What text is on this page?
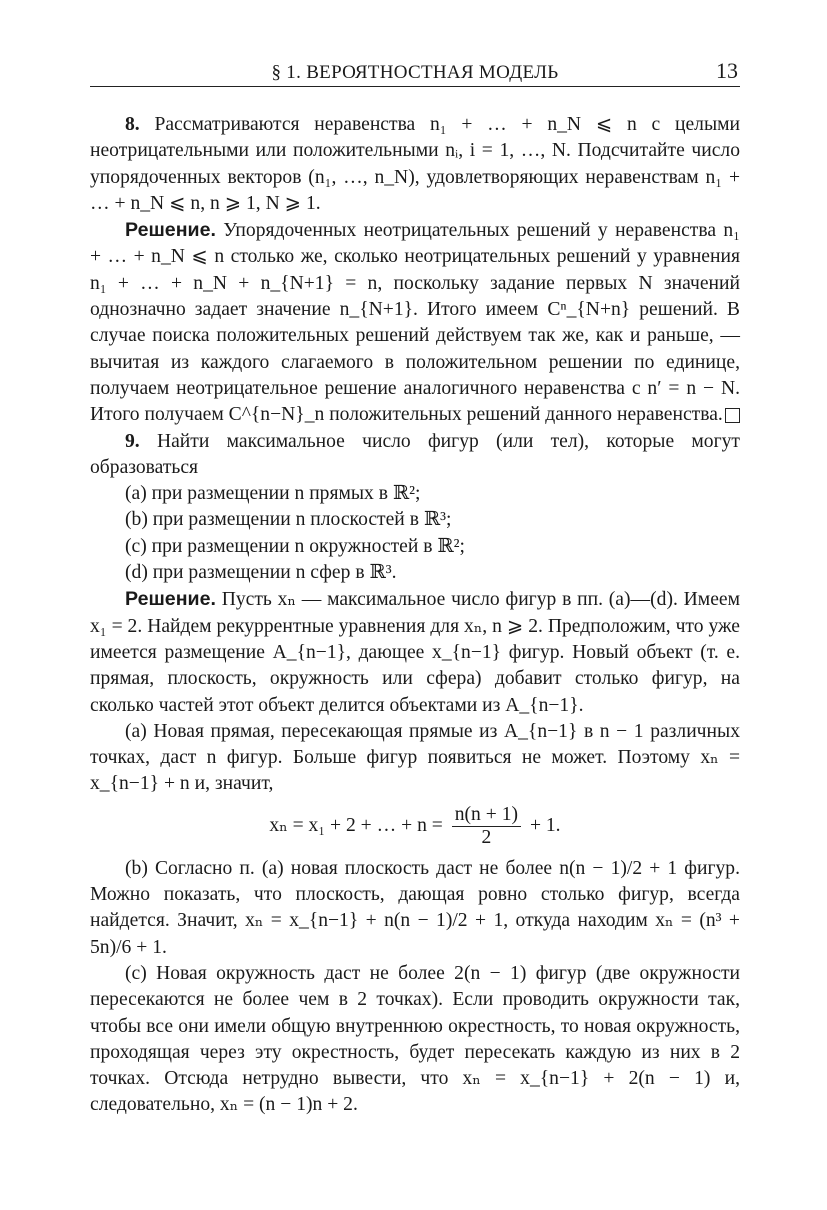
§ 1. ВЕРОЯТНОСТНАЯ МОДЕЛЬ	13

8. Рассматриваются неравенства n₁ + … + n_N ⩽ n с целыми неотрицательными или положительными nᵢ, i = 1, …, N. Подсчитайте число упорядоченных векторов (n₁, …, n_N), удовлетворяющих неравенствам n₁ + … + n_N ⩽ n, n ⩾ 1, N ⩾ 1.

Решение. Упорядоченных неотрицательных решений у неравенства n₁ + … + n_N ⩽ n столько же, сколько неотрицательных решений у уравнения n₁ + … + n_N + n_{N+1} = n, поскольку задание первых N значений однозначно задает значение n_{N+1}. Итого имеем Cⁿ_{N+n} решений. В случае поиска положительных решений действуем так же, как и раньше, — вычитая из каждого слагаемого в положительном решении по единице, получаем неотрицательное решение аналогичного неравенства с n′ = n − N. Итого получаем C^{n−N}_n положительных решений данного неравенства.

9. Найти максимальное число фигур (или тел), которые могут образоваться

(a) при размещении n прямых в ℝ²;

(b) при размещении n плоскостей в ℝ³;

(c) при размещении n окружностей в ℝ²;

(d) при размещении n сфер в ℝ³.

Решение. Пусть xₙ — максимальное число фигур в пп. (a)—(d). Имеем x₁ = 2. Найдем рекуррентные уравнения для xₙ, n ⩾ 2. Предположим, что уже имеется размещение A_{n−1}, дающее x_{n−1} фигур. Новый объект (т. е. прямая, плоскость, окружность или сфера) добавит столько фигур, на сколько частей этот объект делится объектами из A_{n−1}.

(a) Новая прямая, пересекающая прямые из A_{n−1} в n − 1 различных точках, даст n фигур. Больше фигур появиться не может. Поэтому xₙ = x_{n−1} + n и, значит,

xₙ = x₁ + 2 + … + $n = \frac{n(n + 1)}{2} + 1$.

(b) Согласно п. (a) новая плоскость даст не более n(n − 1)/2 + 1 фигур. Можно показать, что плоскость, дающая ровно столько фигур, всегда найдется. Значит, xₙ = x_{n−1} + n(n − 1)/2 + 1, откуда находим xₙ = (n³ + 5n)/6 + 1.

(c) Новая окружность даст не более 2(n − 1) фигур (две окружности пересекаются не более чем в 2 точках). Если проводить окружности так, чтобы все они имели общую внутреннюю окрестность, то новая окружность, проходящая через эту окрестность, будет пересекать каждую из них в 2 точках. Отсюда нетрудно вывести, что xₙ = x_{n−1} + 2(n − 1) и, следовательно, xₙ = (n − 1)n + 2.
